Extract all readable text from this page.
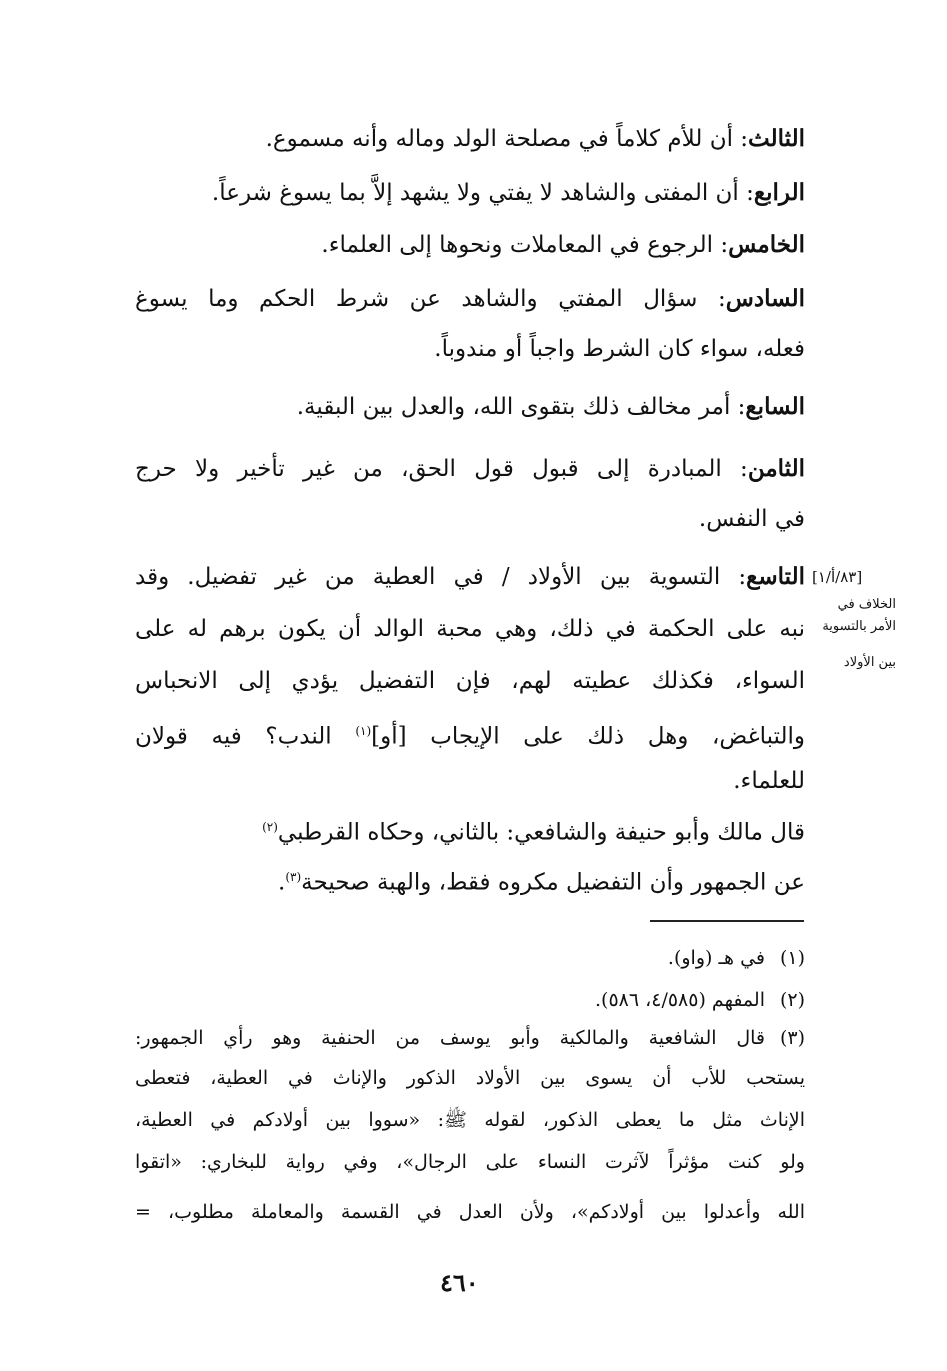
الثالث: أن للأم كلاماً في مصلحة الولد وماله وأنه مسموع.
الرابع: أن المفتى والشاهد لا يفتي ولا يشهد إلاَّ بما يسوغ شرعاً.
الخامس: الرجوع في المعاملات ونحوها إلى العلماء.
السادس: سؤال المفتي والشاهد عن شرط الحكم وما يسوغ
فعله، سواء كان الشرط واجباً أو مندوباً.
السابع: أمر مخالف ذلك بتقوى الله، والعدل بين البقية.
الثامن: المبادرة إلى قبول قول الحق، من غير تأخير ولا حرج
في النفس.
التاسع: التسوية بين الأولاد / في العطية من غير تفضيل. وقد
نبه على الحكمة في ذلك، وهي محبة الوالد أن يكون برهم له على
السواء، فكذلك عطيته لهم، فإن التفضيل يؤدي إلى الانحباس
والتباغض، وهل ذلك على الإيجاب [أو]$^{(١)}$ الندب؟ فيه قولان
للعلماء.
قال مالك وأبو حنيفة والشافعي: بالثاني، وحكاه القرطبي$^{(٢)}$
عن الجمهور وأن التفضيل مكروه فقط، والهبة صحيحة$^{(٣)}$.
[٨٣/أ/١]
الخلاف في
الأمر بالتسوية
بين الأولاد
(١)في هـ (واو).
(٢)المفهم (٤/٥٨٥، ٥٨٦).
(٣)قال الشافعية والمالكية وأبو يوسف من الحنفية وهو رأي الجمهور:
يستحب للأب أن يسوى بين الأولاد الذكور والإناث في العطية، فتعطى
الإناث مثل ما يعطى الذكور، لقوله ﷺ: «سووا بين أولادكم في العطية،
ولو كنت مؤثراً لآثرت النساء على الرجال»، وفي رواية للبخاري: «اتقوا
الله وأعدلوا بين أولادكم»، ولأن العدل في القسمة والمعاملة مطلوب، =
٤٦٠
